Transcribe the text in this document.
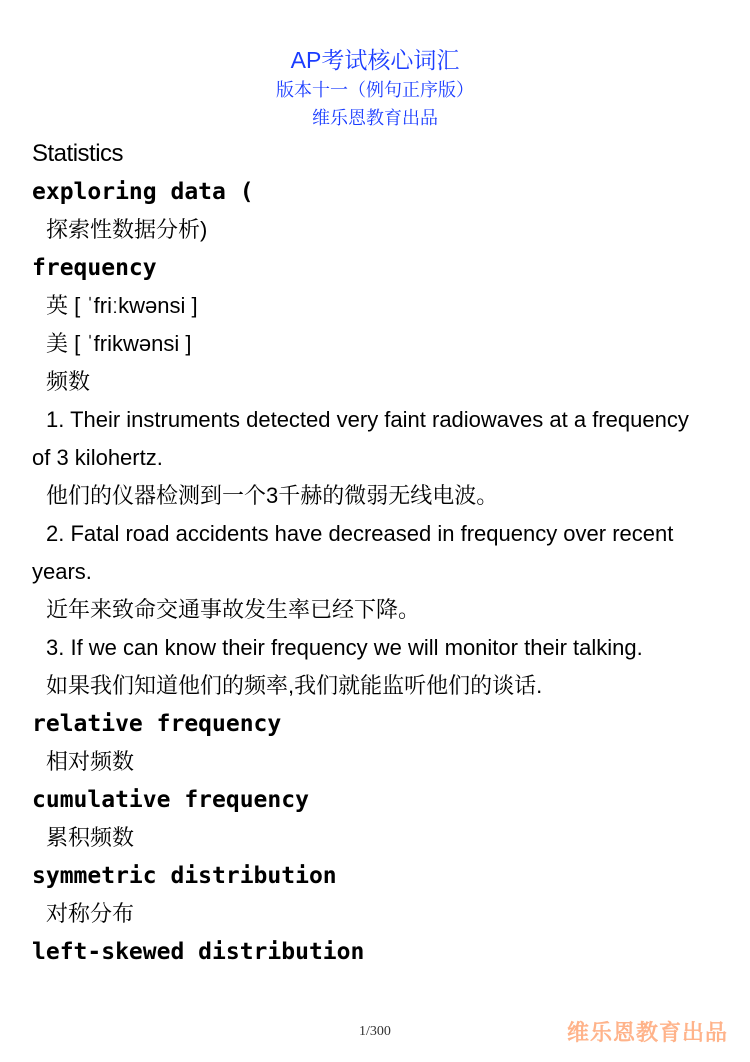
AP考试核心词汇
版本十一（例句正序版）
维乐恩教育出品
Statistics
exploring data (
探索性数据分析)
frequency
英 [ ˈfriːkwənsi ]
美 [ ˈfrikwənsi ]
频数
1. Their instruments detected very faint radiowaves at a frequency of 3 kilohertz.
他们的仪器检测到一个3千赫的微弱无线电波。
2. Fatal road accidents have decreased in frequency over recent years.
近年来致命交通事故发生率已经下降。
3. If we can know their frequency we will monitor their talking.
如果我们知道他们的频率,我们就能监听他们的谈话.
relative frequency
相对频数
cumulative frequency
累积频数
symmetric distribution
对称分布
left-skewed distribution
1/300	维乐恩教育出品
